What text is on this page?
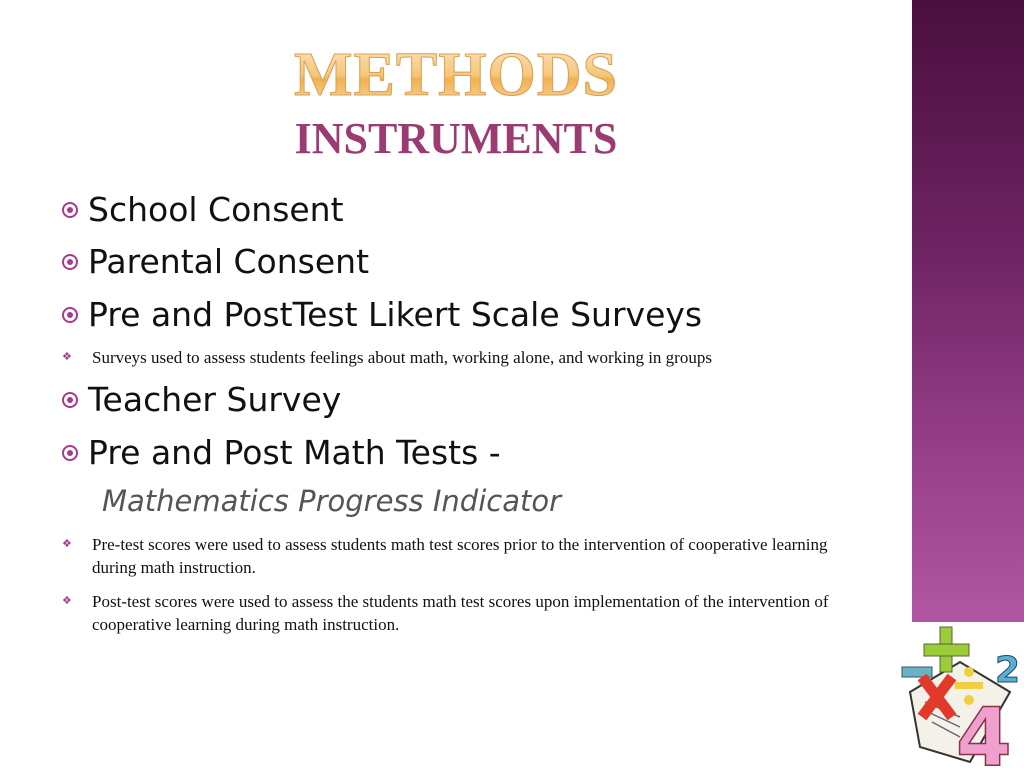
METHODS
INSTRUMENTS
School Consent
Parental Consent
Pre and PostTest Likert Scale Surveys
❖ Surveys used to assess students feelings about math, working alone, and working in groups
Teacher Survey
Pre and Post Math Tests -
Mathematics Progress Indicator
❖ Pre-test scores were used to assess students math test scores prior to the intervention of cooperative learning during math instruction.
❖ Post-test scores were used to assess the students math test scores upon implementation of the intervention of cooperative learning during math instruction.
2
4
